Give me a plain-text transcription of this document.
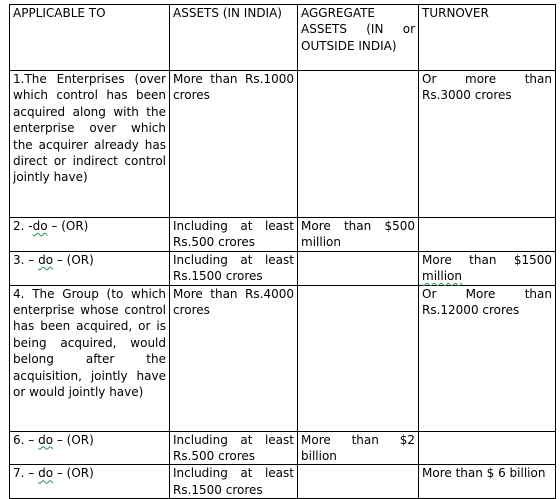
APPLICABLE TO	ASSETS (IN INDIA)	AGGREGATE ASSETS (IN or OUTSIDE INDIA)	TURNOVER
1.The Enterprises (over which control has been acquired along with the enterprise over which the acquirer already has direct or indirect control jointly have)	More than Rs.1000 crores		Or more than Rs.3000 crores
2. -do – (OR)	Including at least Rs.500 crores	More than $500 million	
3. – do – (OR)	Including at least Rs.1500 crores		More than $1500 million
4. The Group (to which enterprise whose control has been acquired, or is being acquired, would belong after the acquisition, jointly have or would jointly have)	More than Rs.4000 crores		Or More than Rs.12000 crores
6. – do – (OR)	Including at least Rs.500 crores	More than $2 billion	
7. – do – (OR)	Including at least Rs.1500 crores		More than $ 6 billion
